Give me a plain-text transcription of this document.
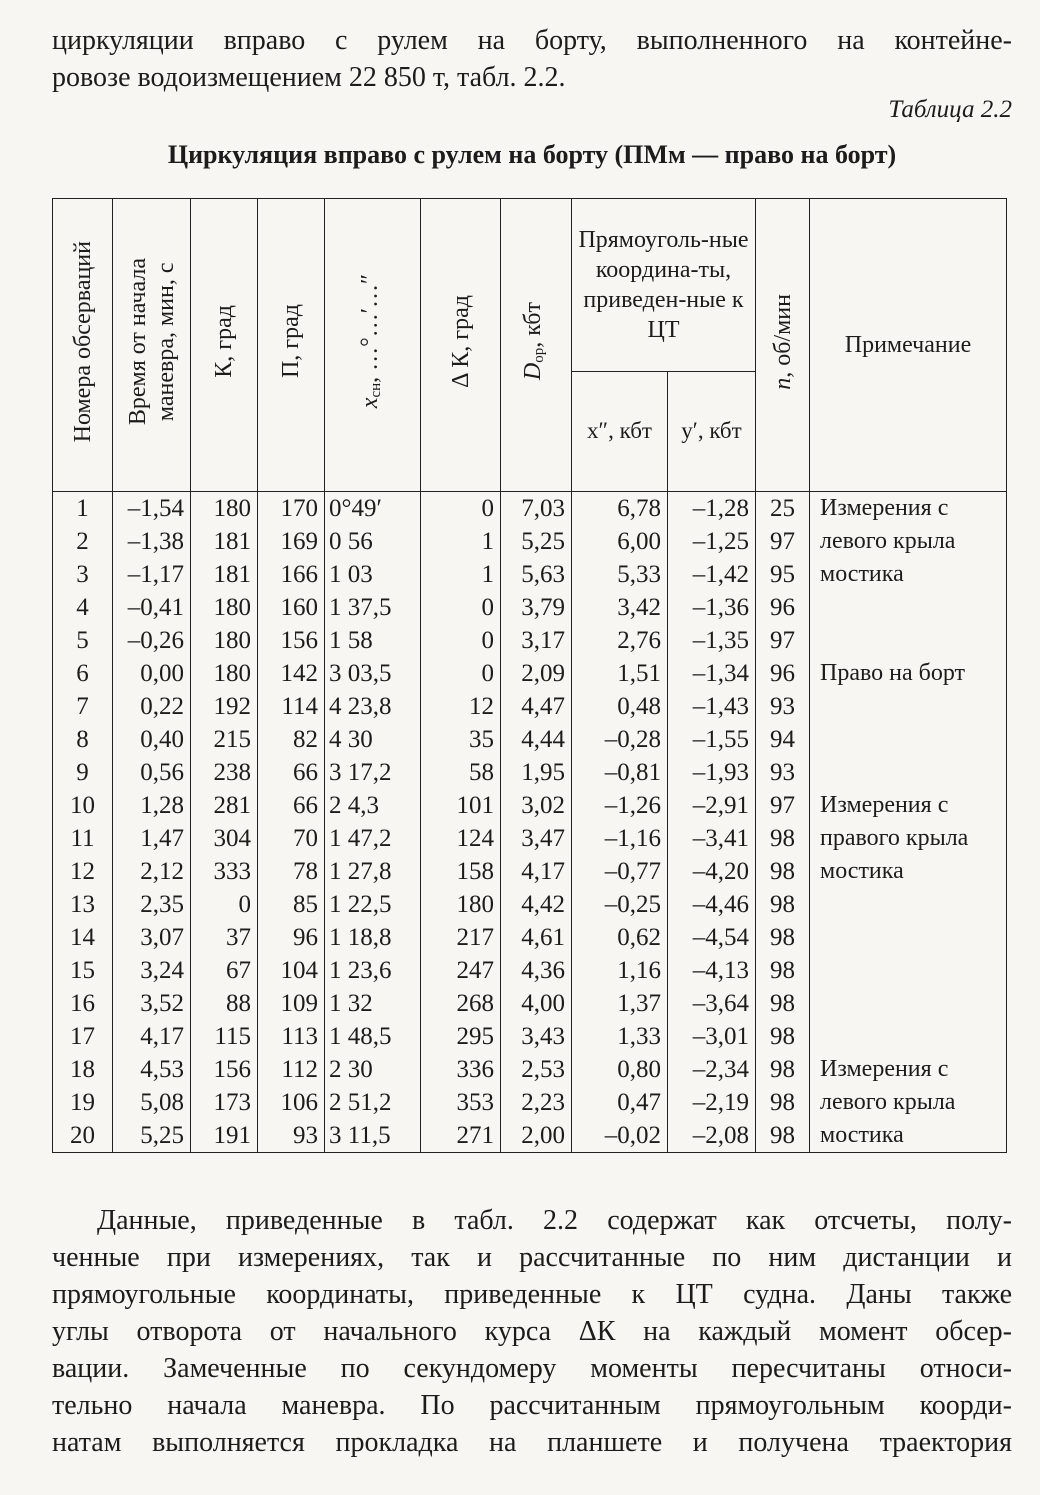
циркуляции вправо с рулем на борту, выполненного на контейне-
ровозе водоизмещением 22 850 т, табл. 2.2.
Таблица 2.2
Циркуляция вправо с рулем на борту (ПМм — право на борт)
Номера обсерваций	Время от начала
маневра, мин, с	К, град	П, град	$x_{сн}$, …°…′…″	Δ К, град	$D_{ор}$, кбт	Прямоуголь-ные координа-ты, приведен-ные к ЦТ		n, об/мин	Примечание
							x″, кбт	y′, кбт		
1	–1,54	180	170	0°49′	0	7,03	6,78	–1,28	25	Измерения с
2	–1,38	181	169	0 56	1	5,25	6,00	–1,25	97	левого крыла
3	–1,17	181	166	1 03	1	5,63	5,33	–1,42	95	мостика
4	–0,41	180	160	1 37,5	0	3,79	3,42	–1,36	96	
5	–0,26	180	156	1 58	0	3,17	2,76	–1,35	97	
6	0,00	180	142	3 03,5	0	2,09	1,51	–1,34	96	Право на борт
7	0,22	192	114	4 23,8	12	4,47	0,48	–1,43	93	
8	0,40	215	82	4 30	35	4,44	–0,28	–1,55	94	
9	0,56	238	66	3 17,2	58	1,95	–0,81	–1,93	93	
10	1,28	281	66	2 4,3	101	3,02	–1,26	–2,91	97	Измерения с
11	1,47	304	70	1 47,2	124	3,47	–1,16	–3,41	98	правого крыла
12	2,12	333	78	1 27,8	158	4,17	–0,77	–4,20	98	мостика
13	2,35	0	85	1 22,5	180	4,42	–0,25	–4,46	98	
14	3,07	37	96	1 18,8	217	4,61	0,62	–4,54	98	
15	3,24	67	104	1 23,6	247	4,36	1,16	–4,13	98	
16	3,52	88	109	1 32	268	4,00	1,37	–3,64	98	
17	4,17	115	113	1 48,5	295	3,43	1,33	–3,01	98	
18	4,53	156	112	2 30	336	2,53	0,80	–2,34	98	Измерения с
19	5,08	173	106	2 51,2	353	2,23	0,47	–2,19	98	левого крыла
20	5,25	191	93	3 11,5	271	2,00	–0,02	–2,08	98	мостика
Данные, приведенные в табл. 2.2 содержат как отсчеты, полу-
ченные при измерениях, так и рассчитанные по ним дистанции и
прямоугольные координаты, приведенные к ЦТ судна. Даны также
углы отворота от начального курса ΔК на каждый момент обсер-
вации. Замеченные по секундомеру моменты пересчитаны относи-
тельно начала маневра. По рассчитанным прямоугольным коорди-
натам выполняется прокладка на планшете и получена траектория
